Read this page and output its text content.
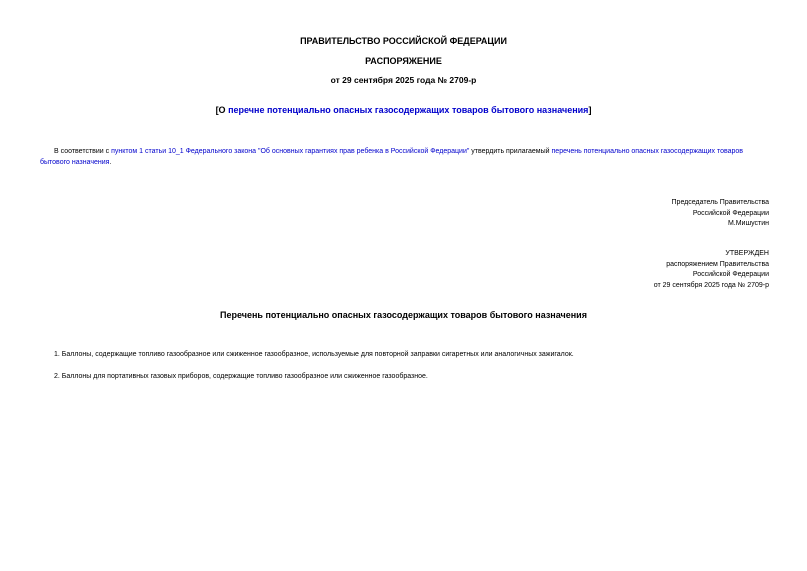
ПРАВИТЕЛЬСТВО РОССИЙСКОЙ ФЕДЕРАЦИИ
РАСПОРЯЖЕНИЕ
от 29 сентября 2025 года № 2709-р
[О перечне потенциально опасных газосодержащих товаров бытового назначения]
В соответствии с пунктом 1 статьи 10_1 Федерального закона "Об основных гарантиях прав ребенка в Российской Федерации" утвердить прилагаемый перечень потенциально опасных газосодержащих товаров бытового назначения.
Председатель Правительства
Российской Федерации
М.Мишустин
УТВЕРЖДЕН
распоряжением Правительства
Российской Федерации
от 29 сентября 2025 года № 2709-р
Перечень потенциально опасных газосодержащих товаров бытового назначения
1. Баллоны, содержащие топливо газообразное или сжиженное газообразное, используемые для повторной заправки сигаретных или аналогичных зажигалок.
2. Баллоны для портативных газовых приборов, содержащие топливо газообразное или сжиженное газообразное.
